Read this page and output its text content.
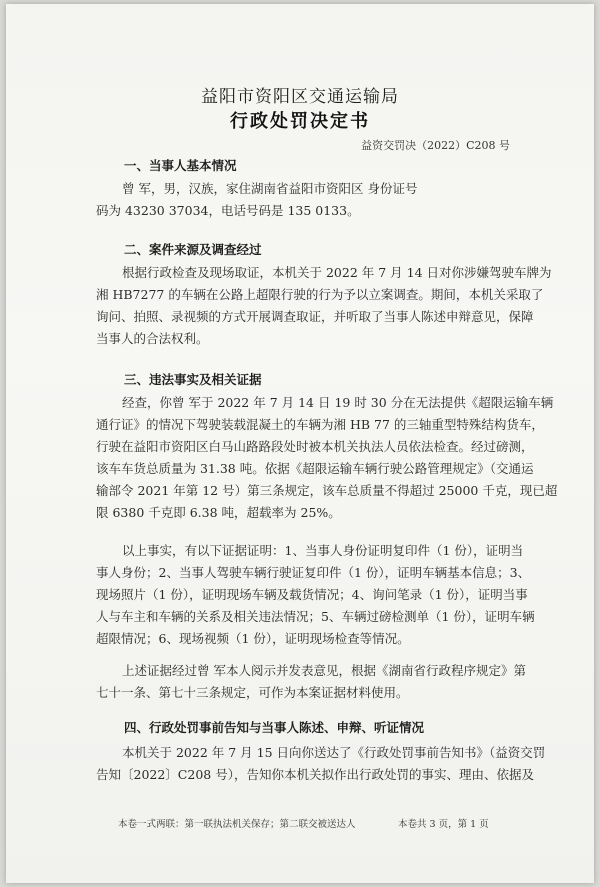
益阳市资阳区交通运输局
行政处罚决定书
益资交罚决（2022）C208 号
一、当事人基本情况
曾 军，男，汉族，家住湖南省益阳市资阳区 身份证号
码为 43230 37034，电话号码是 135 0133。
二、案件来源及调查经过
根据行政检查及现场取证，本机关于 2022 年 7 月 14 日对你涉嫌驾驶车牌为
湘 HB7277 的车辆在公路上超限行驶的行为予以立案调查。期间，本机关采取了
询问、拍照、录视频的方式开展调查取证，并听取了当事人陈述申辩意见，保障
当事人的合法权利。
三、违法事实及相关证据
经查，你曾 军于 2022 年 7 月 14 日 19 时 30 分在无法提供《超限运输车辆
通行证》的情况下驾驶装载混凝土的车辆为湘 HB 77 的三轴重型特殊结构货车，
行驶在益阳市资阳区白马山路路段处时被本机关执法人员依法检查。经过磅测，
该车车货总质量为 31.38 吨。依据《超限运输车辆行驶公路管理规定》（交通运
输部令 2021 年第 12 号）第三条规定，该车总质量不得超过 25000 千克，现已超
限 6380 千克即 6.38 吨，超载率为 25%。
以上事实，有以下证据证明：1、当事人身份证明复印件（1 份），证明当
事人身份；2、当事人驾驶车辆行驶证复印件（1 份），证明车辆基本信息；3、
现场照片（1 份），证明现场车辆及载货情况；4、询问笔录（1 份），证明当事
人与车主和车辆的关系及相关违法情况；5、车辆过磅检测单（1 份），证明车辆
超限情况；6、现场视频（1 份），证明现场检查等情况。
上述证据经过曾 军本人阅示并发表意见，根据《湖南省行政程序规定》第
七十一条、第七十三条规定，可作为本案证据材料使用。
四、行政处罚事前告知与当事人陈述、申辩、听证情况
本机关于 2022 年 7 月 15 日向你送达了《行政处罚事前告知书》（益资交罚
告知〔2022〕C208 号），告知你本机关拟作出行政处罚的事实、理由、依据及
本卷一式两联：第一联执法机关保存；第二联交被送达人	本卷共 3 页，第 1 页
